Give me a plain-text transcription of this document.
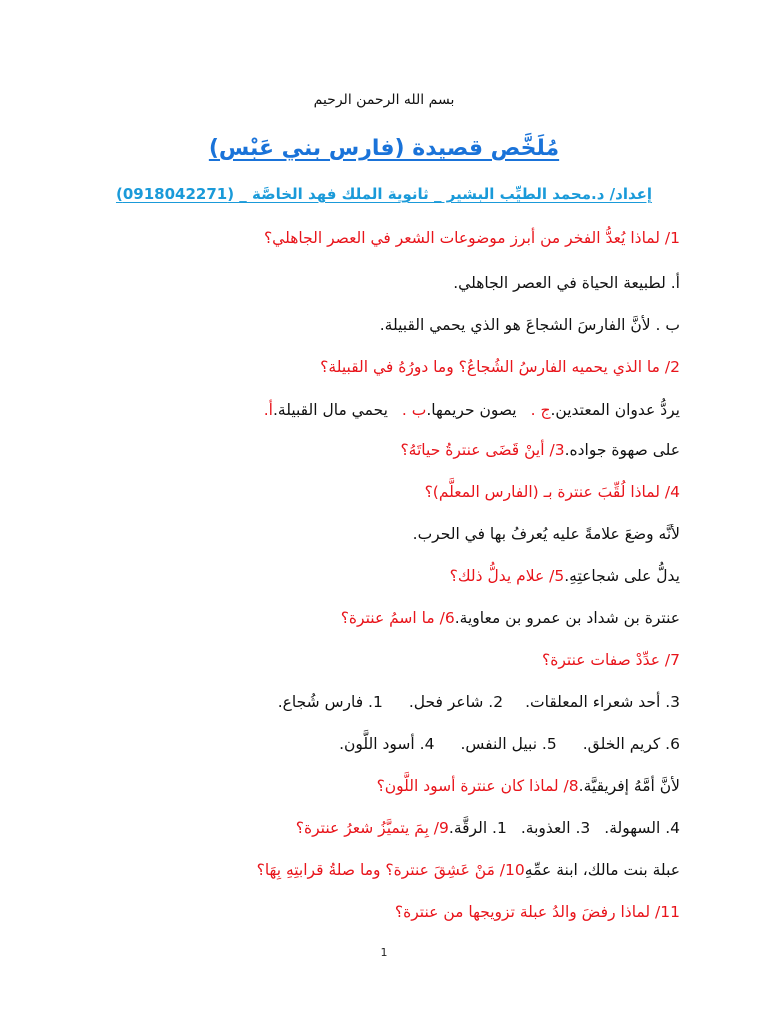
بسم الله الرحمن الرحيم
مُلَخَّص قصيدة (فارس بني عَبْس)
إعداد/ د.محمد الطيِّب البشير _ ثانوية الملك فهد الخاصَّة _ (0918042271)
1/ لماذا يُعدُّ الفخر من أبرز موضوعات الشعر في العصر الجاهلي؟
أ. لطبيعة الحياة في العصر الجاهلي.
ب . لأنَّ الفارسَ الشجاعَ هو الذي يحمي القبيلة.
2/ ما الذي يحميه الفارسُ الشُجاعُ؟ وما دورُهُ في القبيلة؟
أ.يحمي مال القبيلة. ب .يصون حريمها. ج .يردُّ عدوان المعتدين.
3/ أينْ قَضَى عنترةُ حياتَهُ؟على صهوة جواده.
4/ لماذا لُقِّبَ عنترة بـ (الفارس المعلَّم)؟
لأنَّه وضعَ علامةً عليه يُعرفُ بها في الحرب.
5/ علام يدلُّ ذلك؟يدلُّ على شجاعتِهِ.
6/ ما اسمُ عنترة؟عنترة بن شداد بن عمرو بن معاوية.
7/ عدِّدْ صفات عنترة؟
1. فارس شُجاع. 2. شاعر فحل. 3. أحد شعراء المعلقات.
4. أسود اللَّون. 5. نبيل النفس. 6. كريم الخلق.
8/ لماذا كان عنترة أسود اللَّون؟لأنَّ أمَّهُ إفريقيَّة.
9/ بِمَ يتميَّزُ شعرُ عنترة؟1. الرقَّة. 3. العذوبة. 4. السهولة.
10/ مَنْ عَشِقَ عنترة؟ وما صلةُ قرابتِهِ بِهَا؟عبلة بنت مالك، ابنة عمِّهِ
11/ لماذا رفضَ والدُ عبلة تزويجها من عنترة؟
1
